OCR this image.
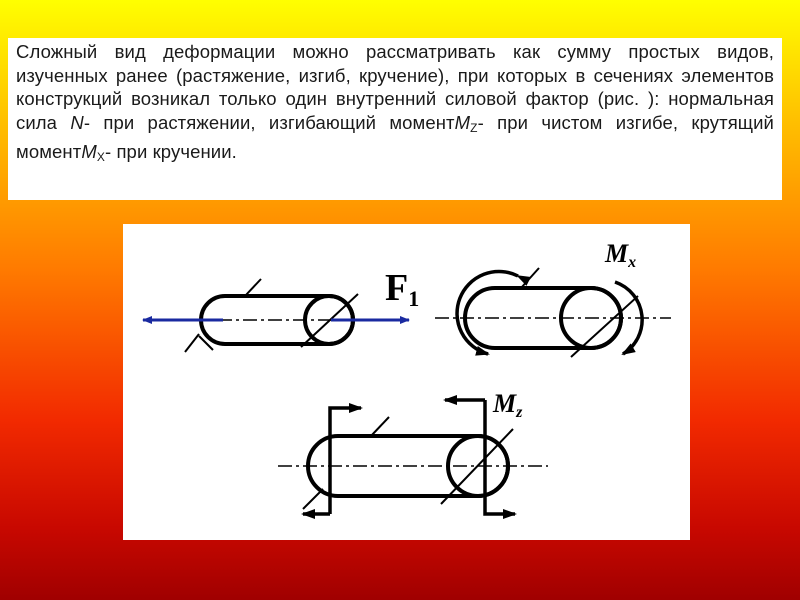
Сложный вид деформации можно рассматривать как сумму простых видов, изученных ранее (растяжение, изгиб, кручение), при которых в сечениях элементов конструкций возникал только один внутренний силовой фактор (рис. ): нормальная сила N- при растяжении, изгибающий моментM$_Z$- при чистом изгибе, крутящий моментM$_X$- при кручении.

F1
Mx
Mz
